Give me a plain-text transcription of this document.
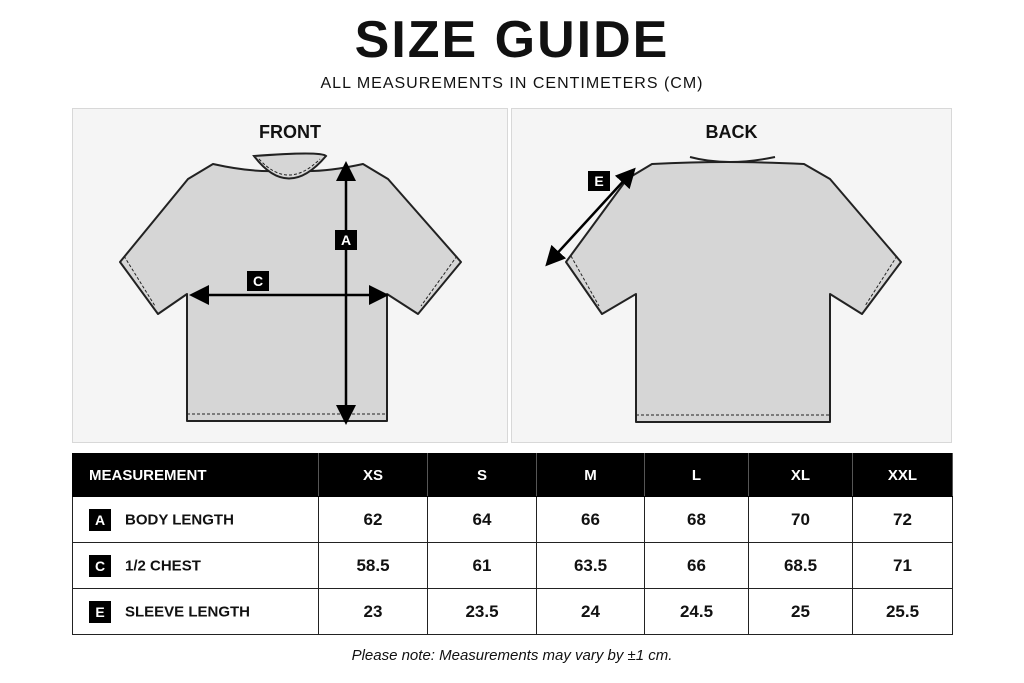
SIZE GUIDE
ALL MEASUREMENTS IN CENTIMETERS (CM)
FRONT
A
C
BACK
E
MEASUREMENT	XS	S	M	L	XL	XXL
A BODY LENGTH	62	64	66	68	70	72
C 1/2 CHEST	58.5	61	63.5	66	68.5	71
E SLEEVE LENGTH	23	23.5	24	24.5	25	25.5
Please note: Measurements may vary by ±1 cm.
